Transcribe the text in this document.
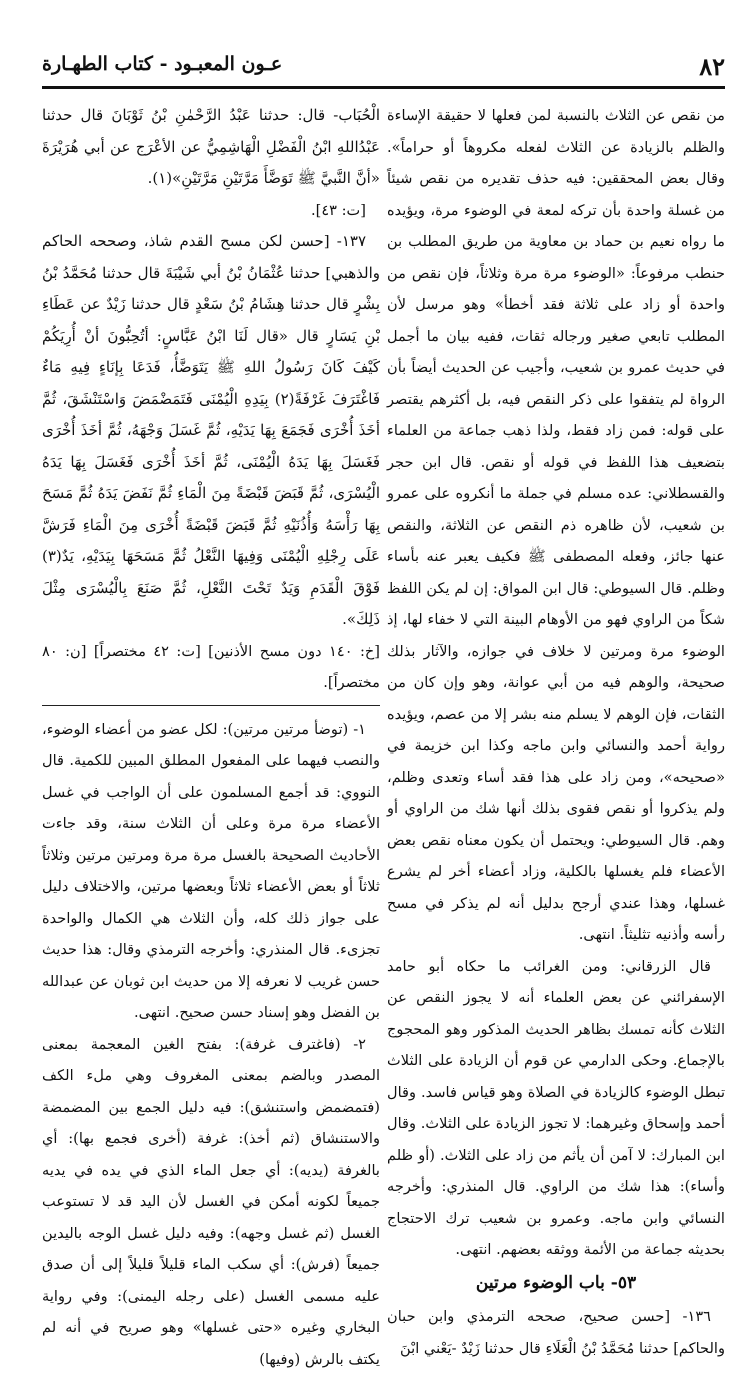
٨٢
عـون المعبـود - كتاب الطهـارة

من نقص عن الثلاث بالنسبة لمن فعلها لا حقيقة الإساءة والظلم بالزيادة عن الثلاث لفعله مكروهاً أو حراماً». وقال بعض المحققين: فيه حذف تقديره من نقص شيئاً من غسلة واحدة بأن تركه لمعة في الوضوء مرة، ويؤيده ما رواه نعيم بن حماد بن معاوية من طريق المطلب بن حنطب مرفوعاً: «الوضوء مرة مرة وثلاثاً، فإن نقص من واحدة أو زاد على ثلاثة فقد أخطأ» وهو مرسل لأن المطلب تابعي صغير ورجاله ثقات، ففيه بيان ما أجمل في حديث عمرو بن شعيب، وأجيب عن الحديث أيضاً بأن الرواة لم يتفقوا على ذكر النقص فيه، بل أكثرهم يقتصر على قوله: فمن زاد فقط، ولذا ذهب جماعة من العلماء بتضعيف هذا اللفظ في قوله أو نقص. قال ابن حجر والقسطلاني: عده مسلم في جملة ما أنكروه على عمرو بن شعيب، لأن ظاهره ذم النقص عن الثلاثة، والنقص عنها جائز، وفعله المصطفى ﷺ فكيف يعبر عنه بأساء وظلم. قال السيوطي: قال ابن المواق: إن لم يكن اللفظ شكاً من الراوي فهو من الأوهام البينة التي لا خفاء لها، إذ الوضوء مرة ومرتين لا خلاف في جوازه، والآثار بذلك صحيحة، والوهم فيه من أبي عوانة، وهو وإن كان من الثقات، فإن الوهم لا يسلم منه بشر إلا من عصم، ويؤيده رواية أحمد والنسائي وابن ماجه وكذا ابن خزيمة في «صحيحه»، ومن زاد على هذا فقد أساء وتعدى وظلم، ولم يذكروا أو نقص فقوى بذلك أنها شك من الراوي أو وهم. قال السيوطي: ويحتمل أن يكون معناه نقص بعض الأعضاء فلم يغسلها بالكلية، وزاد أعضاء أخر لم يشرع غسلها، وهذا عندي أرجح بدليل أنه لم يذكر في مسح رأسه وأذنيه تثليثاً. انتهى.

قال الزرقاني: ومن الغرائب ما حكاه أبو حامد الإسفرائني عن بعض العلماء أنه لا يجوز النقص عن الثلاث كأنه تمسك بظاهر الحديث المذكور وهو المحجوج بالإجماع. وحكى الدارمي عن قوم أن الزيادة على الثلاث تبطل الوضوء كالزيادة في الصلاة وهو قياس فاسد. وقال أحمد وإسحاق وغيرهما: لا تجوز الزيادة على الثلاث. وقال ابن المبارك: لا آمن أن يأثم من زاد على الثلاث. (أو ظلم وأساء): هذا شك من الراوي. قال المنذري: وأخرجه النسائي وابن ماجه. وعمرو بن شعيب ترك الاحتجاج بحديثه جماعة من الأئمة ووثقه بعضهم. انتهى.

٥٣- باب الوضوء مرتين

١٣٦- [حسن صحيح، صححه الترمذي وابن حبان والحاكم] حدثنا مُحَمَّدُ بْنُ الْعَلَاءِ قال حدثنا زَيْدٌ -يَعْني ابْنَ

الْحُبَاب- قال: حدثنا عَبْدُ الرَّحْمٰنِ بْنُ ثَوْبَانَ قال حدثنا عَبْدُاللهِ ابْنُ الْفَضْلِ الْهَاشِمِيُّ عن الأعْرَج عن أبي هُرَيْرَةَ «أنَّ النَّبيَّ ﷺ تَوَضَّأَ مَرَّتَيْنِ مَرَّتَيْنِ»(١).

[ت: ٤٣].

١٣٧- [حسن لكن مسح القدم شاذ، وصححه الحاكم والذهبي] حدثنا عُثْمَانُ بْنُ أبي شَيْبَةَ قال حدثنا مُحَمَّدُ بْنُ بِشْرٍ قال حدثنا هِشَامُ بْنُ سَعْدٍ قال حدثنا زَيْدٌ عن عَطَاءِ بْنِ يَسَارٍ قال «قال لَنَا ابْنُ عَبَّاسٍ: أتُحِبُّونَ أنْ أُرِيَكُمْ كَيْفَ كَانَ رَسُولُ اللهِ ﷺ يَتَوَضَّأُ، فَدَعَا بِإنَاءٍ فِيهِ مَاءٌ فَاغْتَرَفَ غَرْفَةً(٢) بِيَدِهِ الْيُمْنَى فَتَمَضْمَضَ وَاسْتَنْشَقَ، ثُمَّ أخَذَ أُخْرَى فَجَمَعَ بِهَا يَدَيْهِ، ثُمَّ غَسَلَ وَجْهَهُ، ثُمَّ أخَذَ أُخْرَى فَغَسَلَ بِهَا يَدَهُ الْيُمْنَى، ثُمَّ أخَذَ أُخْرَى فَغَسَلَ بِهَا يَدَهُ الْيُسْرَى، ثُمَّ قَبَضَ قَبْضَةً مِنَ الْمَاءِ ثُمَّ نَفَضَ يَدَهُ ثُمَّ مَسَحَ بِهَا رَأْسَهُ وَأُذُنَيْهِ ثُمَّ قَبَضَ قَبْضَةً أُخْرَى مِنَ الْمَاءِ فَرَشَّ عَلَى رِجْلِهِ الْيُمْنَى وَفِيهَا النَّعْلُ ثُمَّ مَسَحَهَا بِيَدَيْهِ، يَدٌ(٣) فَوْقَ الْقَدَمِ وَيَدٌ تَحْتَ النَّعْلِ، ثُمَّ صَنَعَ بِالْيُسْرَى مِثْلَ ذَلِكَ».

[خ: ١٤٠ دون مسح الأذنين] [ت: ٤٢ مختصراً] [ن: ٨٠ مختصراً].

١- (توضأ مرتين مرتين): لكل عضو من أعضاء الوضوء، والنصب فيهما على المفعول المطلق المبين للكمية. قال النووي: قد أجمع المسلمون على أن الواجب في غسل الأعضاء مرة مرة وعلى أن الثلاث سنة، وقد جاءت الأحاديث الصحيحة بالغسل مرة مرة ومرتين مرتين وثلاثاً ثلاثاً أو بعض الأعضاء ثلاثاً وبعضها مرتين، والاختلاف دليل على جواز ذلك كله، وأن الثلاث هي الكمال والواحدة تجزىء. قال المنذري: وأخرجه الترمذي وقال: هذا حديث حسن غريب لا نعرفه إلا من حديث ابن ثوبان عن عبدالله بن الفضل وهو إسناد حسن صحيح. انتهى.

٢- (فاغترف غرفة): بفتح الغين المعجمة بمعنى المصدر وبالضم بمعنى المغروف وهي ملء الكف (فتمضمض واستنشق): فيه دليل الجمع بين المضمضة والاستنشاق (ثم أخذ): غرفة (أخرى فجمع بها): أي بالغرفة (يديه): أي جعل الماء الذي في يده في يديه جميعاً لكونه أمكن في الغسل لأن اليد قد لا تستوعب الغسل (ثم غسل وجهه): وفيه دليل غسل الوجه باليدين جميعاً (فرش): أي سكب الماء قليلاً قليلاً إلى أن صدق عليه مسمى الغسل (على رجله اليمنى): وفي رواية البخاري وغيره «حتى غسلها» وهو صريح في أنه لم يكتف بالرش (وفيها)
